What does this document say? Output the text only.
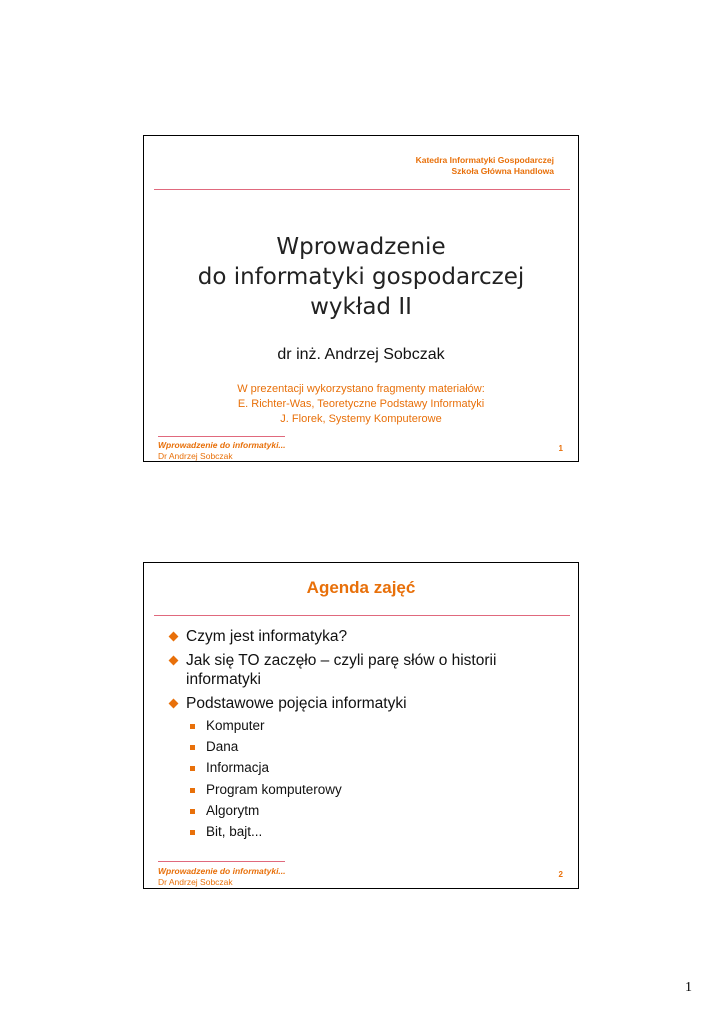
Katedra Informatyki Gospodarczej
Szkoła Główna Handlowa
Wprowadzenie
do informatyki gospodarczej
wykład II
dr inż. Andrzej Sobczak
W prezentacji wykorzystano fragmenty materiałów:
E. Richter-Was, Teoretyczne Podstawy Informatyki
J. Florek, Systemy Komputerowe
Wprowadzenie do informatyki...
Dr Andrzej Sobczak
1
Agenda zajęć
Czym jest informatyka?
Jak się TO zaczęło – czyli parę słów o historii informatyki
Podstawowe pojęcia informatyki
Komputer
Dana
Informacja
Program komputerowy
Algorytm
Bit, bajt...
Wprowadzenie do informatyki...
Dr Andrzej Sobczak
2
1
